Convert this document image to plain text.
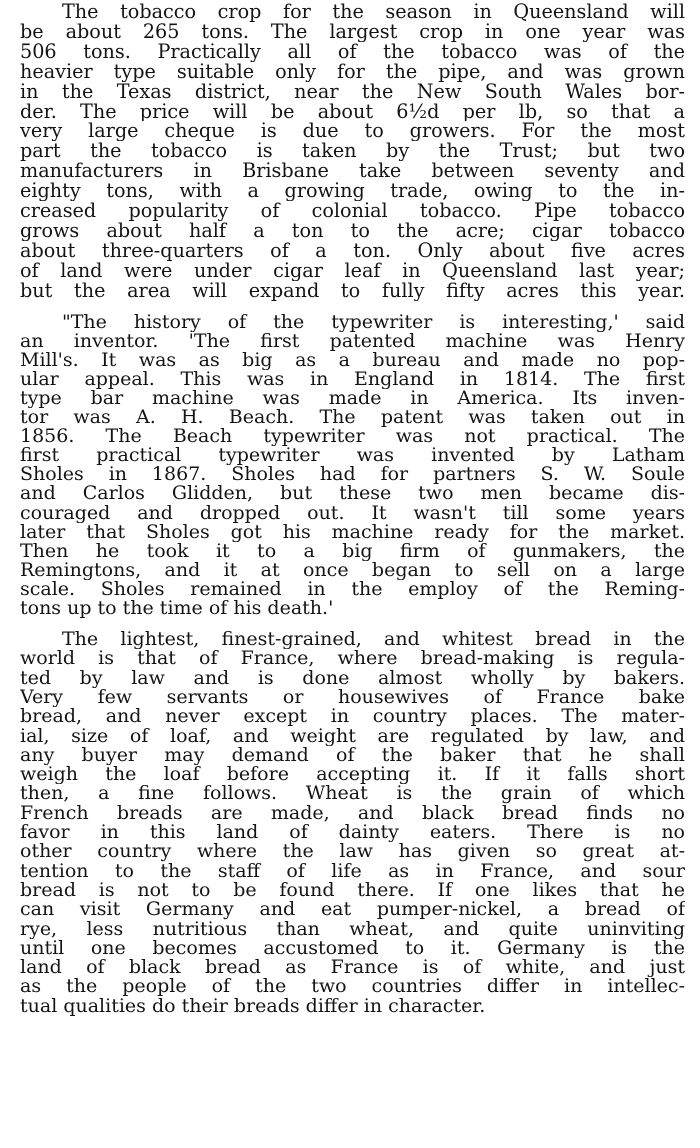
The tobacco crop for the season in Queensland will
be about 265 tons. The largest crop in one year was
506 tons. Practically all of the tobacco was of the
heavier type suitable only for the pipe, and was grown
in the Texas district, near the New South Wales bor-
der. The price will be about 6½d per lb, so that a
very large cheque is due to growers. For the most
part the tobacco is taken by the Trust; but two
manufacturers in Brisbane take between seventy and
eighty tons, with a growing trade, owing to the in-
creased popularity of colonial tobacco. Pipe tobacco
grows about half a ton to the acre; cigar tobacco
about three-quarters of a ton. Only about five acres
of land were under cigar leaf in Queensland last year;
but the area will expand to fully fifty acres this year.
"The history of the typewriter is interesting,' said
an inventor. 'The first patented machine was Henry
Mill's. It was as big as a bureau and made no pop-
ular appeal. This was in England in 1814. The first
type bar machine was made in America. Its inven-
tor was A. H. Beach. The patent was taken out in
1856. The Beach typewriter was not practical. The
first practical typewriter was invented by Latham
Sholes in 1867. Sholes had for partners S. W. Soule
and Carlos Glidden, but these two men became dis-
couraged and dropped out. It wasn't till some years
later that Sholes got his machine ready for the market.
Then he took it to a big firm of gunmakers, the
Remingtons, and it at once began to sell on a large
scale. Sholes remained in the employ of the Reming-
tons up to the time of his death.'
The lightest, finest-grained, and whitest bread in the
world is that of France, where bread-making is regula-
ted by law and is done almost wholly by bakers.
Very few servants or housewives of France bake
bread, and never except in country places. The mater-
ial, size of loaf, and weight are regulated by law, and
any buyer may demand of the baker that he shall
weigh the loaf before accepting it. If it falls short
then, a fine follows. Wheat is the grain of which
French breads are made, and black bread finds no
favor in this land of dainty eaters. There is no
other country where the law has given so great at-
tention to the staff of life as in France, and sour
bread is not to be found there. If one likes that he
can visit Germany and eat pumper-nickel, a bread of
rye, less nutritious than wheat, and quite uninviting
until one becomes accustomed to it. Germany is the
land of black bread as France is of white, and just
as the people of the two countries differ in intellec-
tual qualities do their breads differ in character.
